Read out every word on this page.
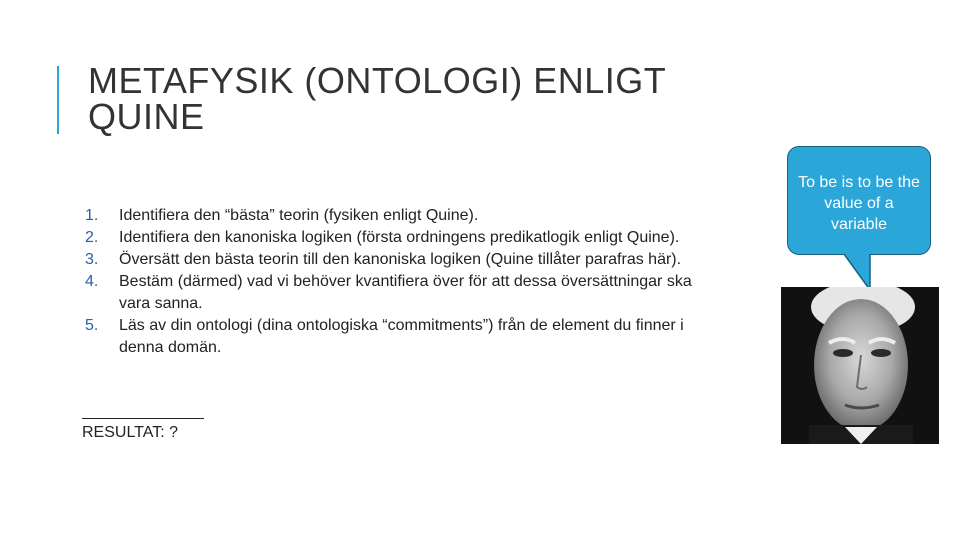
METAFYSIK (ONTOLOGI) ENLIGT QUINE
1. Identifiera den “bästa” teorin (fysiken enligt Quine).
2. Identifiera den kanoniska logiken (första ordningens predikatlogik enligt Quine).
3. Översätt den bästa teorin till den kanoniska logiken (Quine tillåter parafras här).
4. Bestäm (därmed) vad vi behöver kvantifiera över för att dessa översättningar ska vara sanna.
5. Läs av din ontologi (dina ontologiska “commitments”) från de element du finner i denna domän.
RESULTAT: ?
To be is to be the value of a variable
